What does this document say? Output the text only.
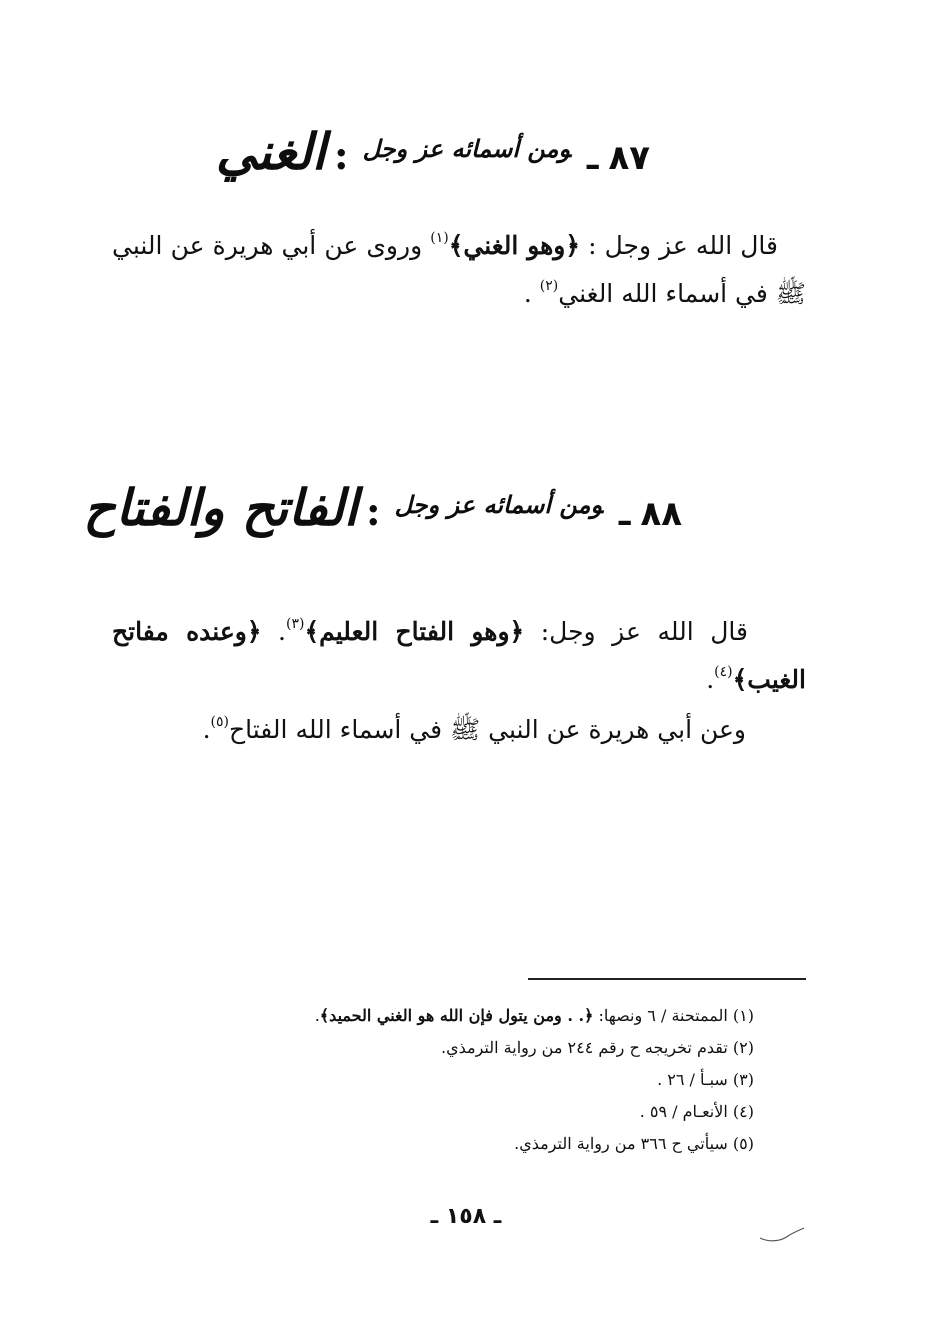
٨٧ـومن أسمائه عز وجل:الغني
قال الله عز وجل : ﴿وهو الغني﴾$^{(١)}$ وروى عن أبي هريرة عن النبي ﷺ في أسماء الله الغني$^{(٢)}$ .
٨٨ـومن أسمائه عز وجل:الفاتح والفتاح
قال الله عز وجل: ﴿وهو الفتاح العليم﴾$^{(٣)}$. ﴿وعنده مفاتح الغيب﴾$^{(٤)}$.
وعن أبي هريرة عن النبي ﷺ في أسماء الله الفتاح$^{(٥)}$.
(١) الممتحنة / ٦ ونصها: ﴿. . ومن يتول فإن الله هو الغني الحميد﴾.
(٢) تقدم تخريجه ح رقم ٢٤٤ من رواية الترمذي.
(٣) سبـأ / ٢٦ .
(٤) الأنعـام / ٥٩ .
(٥) سيأتي ح ٣٦٦ من رواية الترمذي.
ـ ١٥٨ ـ
